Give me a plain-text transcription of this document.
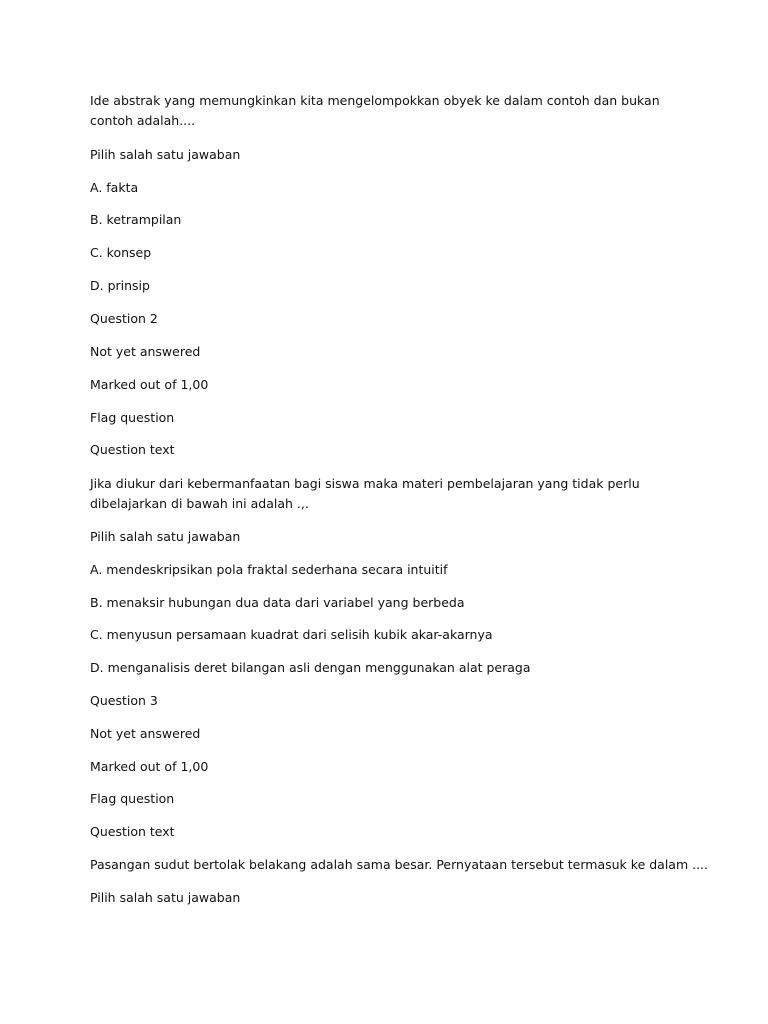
Ide abstrak yang memungkinkan kita mengelompokkan obyek ke dalam contoh dan bukan contoh adalah....

Pilih salah satu jawaban

A. fakta

B. ketrampilan

C. konsep

D. prinsip

Question 2

Not yet answered

Marked out of 1,00

Flag question

Question text

Jika diukur dari kebermanfaatan bagi siswa maka materi pembelajaran yang tidak perlu dibelajarkan di bawah ini adalah .,.

Pilih salah satu jawaban

A. mendeskripsikan pola fraktal sederhana secara intuitif

B. menaksir hubungan dua data dari variabel yang berbeda

C. menyusun persamaan kuadrat dari selisih kubik akar-akarnya

D. menganalisis deret bilangan asli dengan menggunakan alat peraga

Question 3

Not yet answered

Marked out of 1,00

Flag question

Question text

Pasangan sudut bertolak belakang adalah sama besar. Pernyataan tersebut termasuk ke dalam ....

Pilih salah satu jawaban
